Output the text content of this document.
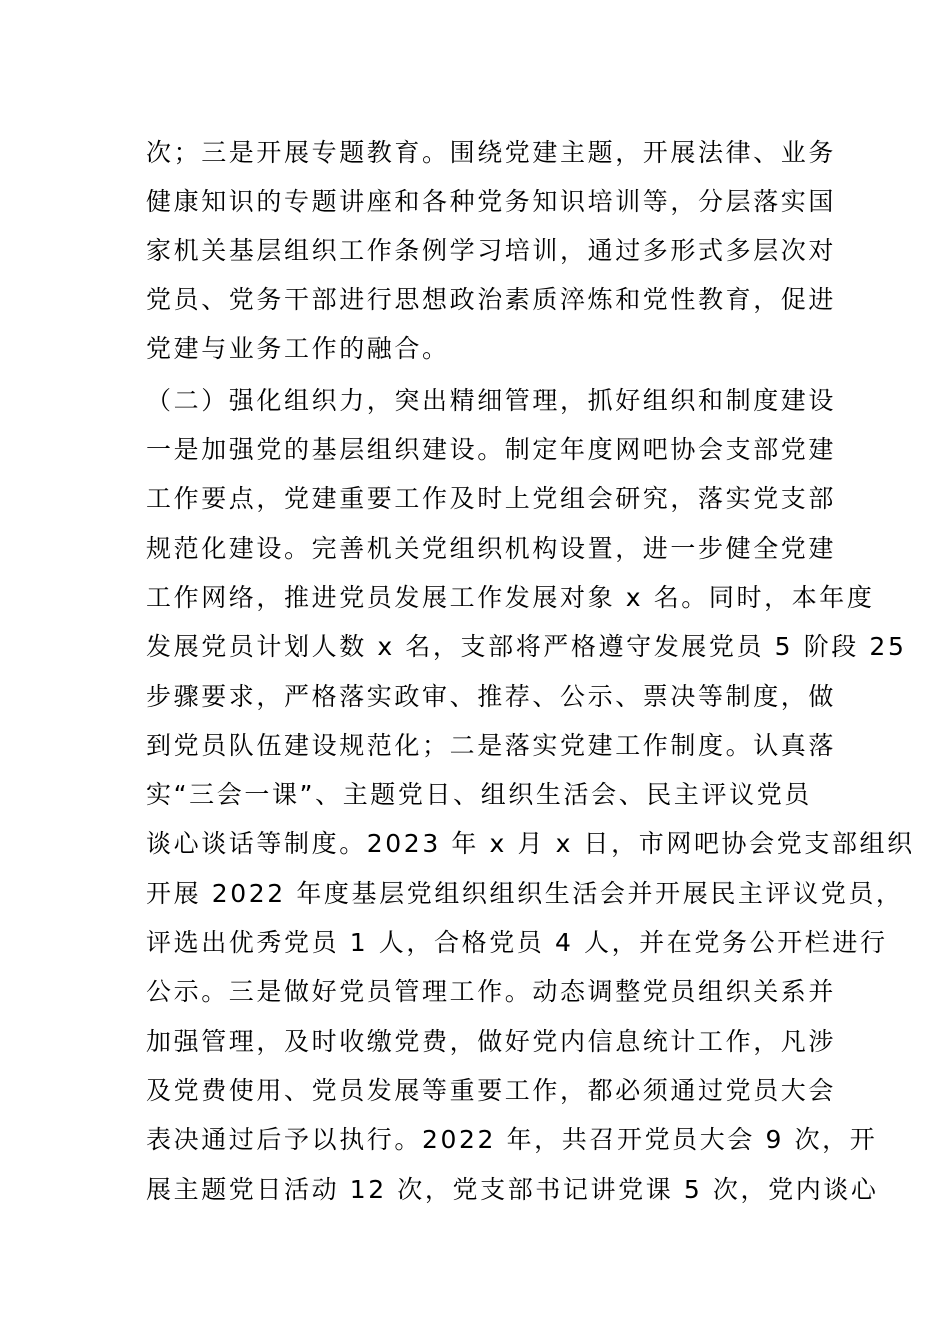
次；三是开展专题教育。围绕党建主题，开展法律、业务
健康知识的专题讲座和各种党务知识培训等，分层落实国
家机关基层组织工作条例学习培训，通过多形式多层次对
党员、党务干部进行思想政治素质淬炼和党性教育，促进
党建与业务工作的融合。
（二）强化组织力，突出精细管理，抓好组织和制度建设
一是加强党的基层组织建设。制定年度网吧协会支部党建
工作要点，党建重要工作及时上党组会研究，落实党支部
规范化建设。完善机关党组织机构设置，进一步健全党建
工作网络，推进党员发展工作发展对象 x 名。同时，本年度
发展党员计划人数 x 名，支部将严格遵守发展党员 5 阶段 25
步骤要求，严格落实政审、推荐、公示、票决等制度，做
到党员队伍建设规范化；二是落实党建工作制度。认真落
实“三会一课”、主题党日、组织生活会、民主评议党员
谈心谈话等制度。2023 年 x 月 x 日，市网吧协会党支部组织
开展 2022 年度基层党组织组织生活会并开展民主评议党员，
评选出优秀党员 1 人，合格党员 4 人，并在党务公开栏进行
公示。三是做好党员管理工作。动态调整党员组织关系并
加强管理，及时收缴党费，做好党内信息统计工作，凡涉
及党费使用、党员发展等重要工作，都必须通过党员大会
表决通过后予以执行。2022 年，共召开党员大会 9 次，开
展主题党日活动 12 次，党支部书记讲党课 5 次，党内谈心
